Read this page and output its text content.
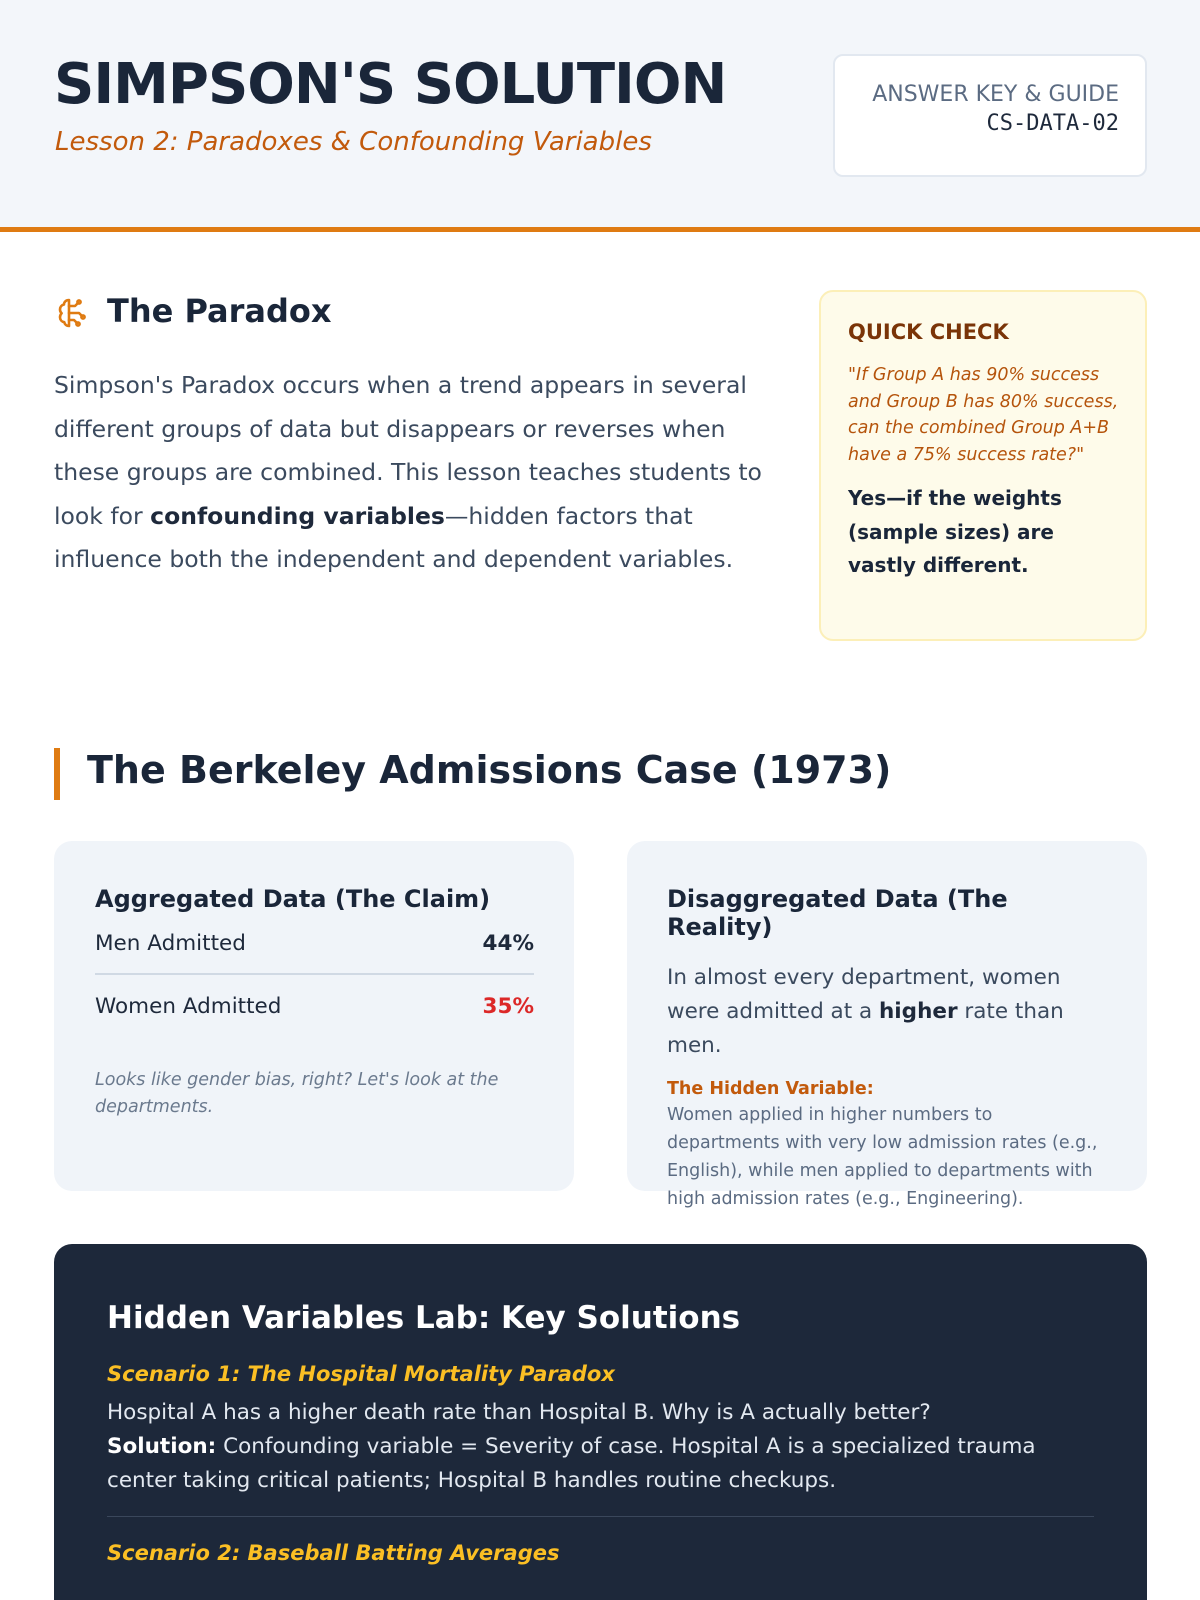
SIMPSON'S SOLUTION
Lesson 2: Paradoxes & Confounding Variables
ANSWER KEY & GUIDE
CS-DATA-02
The Paradox

Simpson's Paradox occurs when a trend appears in several different groups of data but disappears or reverses when these groups are combined. This lesson teaches students to look for confounding variables—hidden factors that influence both the independent and dependent variables.

QUICK CHECK
"If Group A has 90% success and Group B has 80% success, can the combined Group A+B have a 75% success rate?"
Yes—if the weights (sample sizes) are vastly different.
The Berkeley Admissions Case (1973)
Aggregated Data (The Claim)
Men Admitted	44%
Women Admitted	35%
Looks like gender bias, right? Let's look at the departments.
Disaggregated Data (The Reality)

In almost every department, women were admitted at a higher rate than men.

The Hidden Variable:
Women applied in higher numbers to departments with very low admission rates (e.g., English), while men applied to departments with high admission rates (e.g., Engineering).
Hidden Variables Lab: Key Solutions
Scenario 1: The Hospital Mortality Paradox

Hospital A has a higher death rate than Hospital B. Why is A actually better?
Solution: Confounding variable = Severity of case. Hospital A is a specialized trauma center taking critical patients; Hospital B handles routine checkups.

Scenario 2: Baseball Batting Averages
